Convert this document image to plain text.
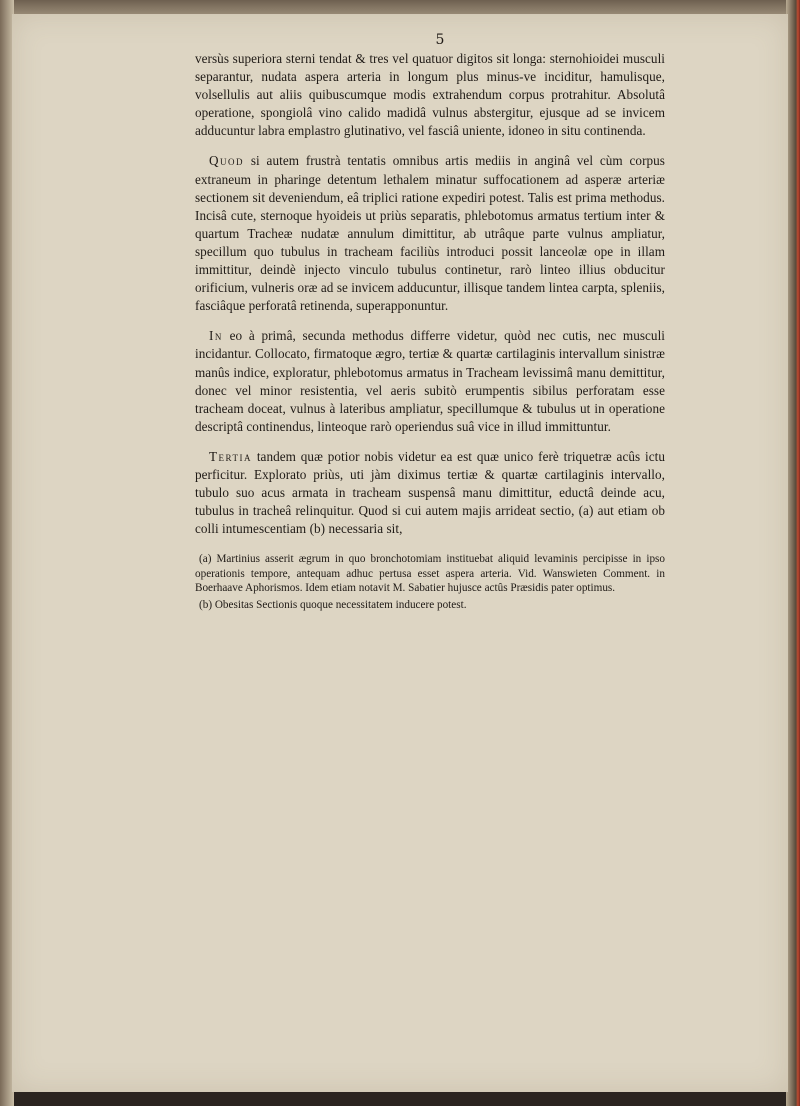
5

versùs superiora sterni tendat & tres vel quatuor digitos sit longa: sternohioidei musculi separantur, nudata aspera arteria in longum plus minus-ve inciditur, hamulisque, volsellulis aut aliis quibuscumque modis extrahendum corpus protrahitur. Absolutâ operatione, spongiolâ vino calido madidâ vulnus abstergitur, ejusque ad se invicem adducuntur labra emplastro glutinativo, vel fasciâ uniente, idoneo in situ continenda.

Quod si autem frustrà tentatis omnibus artis mediis in anginâ vel cùm corpus extraneum in pharinge detentum lethalem minatur suffocationem ad asperæ arteriæ sectionem sit deveniendum, eâ triplici ratione expediri potest. Talis est prima methodus. Incisâ cute, sternoque hyoideis ut priùs separatis, phlebotomus armatus tertium inter & quartum Tracheæ nudatæ annulum dimittitur, ab utrâque parte vulnus ampliatur, specillum quo tubulus in tracheam faciliùs introduci possit lanceolæ ope in illam immittitur, deindè injecto vinculo tubulus continetur, rarò linteo illius obducitur orificium, vulneris oræ ad se invicem adducuntur, illisque tandem lintea carpta, spleniis, fasciâque perforatâ retinenda, superapponuntur.

In eo à primâ, secunda methodus differre videtur, quòd nec cutis, nec musculi incidantur. Collocato, firmatoque ægro, tertiæ & quartæ cartilaginis intervallum sinistræ manûs indice, exploratur, phlebotomus armatus in Tracheam levissimâ manu demittitur, donec vel minor resistentia, vel aeris subitò erumpentis sibilus perforatam esse tracheam doceat, vulnus à lateribus ampliatur, specillumque & tubulus ut in operatione descriptâ continendus, linteoque rarò operiendus suâ vice in illud immittuntur.

Tertia tandem quæ potior nobis videtur ea est quæ unico ferè triquetræ acûs ictu perficitur. Explorato priùs, uti jàm diximus tertiæ & quartæ cartilaginis intervallo, tubulo suo acus armata in tracheam suspensâ manu dimittitur, eductâ deinde acu, tubulus in tracheâ relinquitur. Quod si cui autem majis arrideat sectio, (a) aut etiam ob colli intumescentiam (b) necessaria sit,

(a) Martinius asserit ægrum in quo bronchotomiam instituebat aliquid levaminis percipisse in ipso operationis tempore, antequam adhuc pertusa esset aspera arteria. Vid. Wanswieten Comment. in Boerhaave Aphorismos. Idem etiam notavit M. Sabatier hujusce actûs Præsidis pater optimus.

(b) Obesitas Sectionis quoque necessitatem inducere potest.
